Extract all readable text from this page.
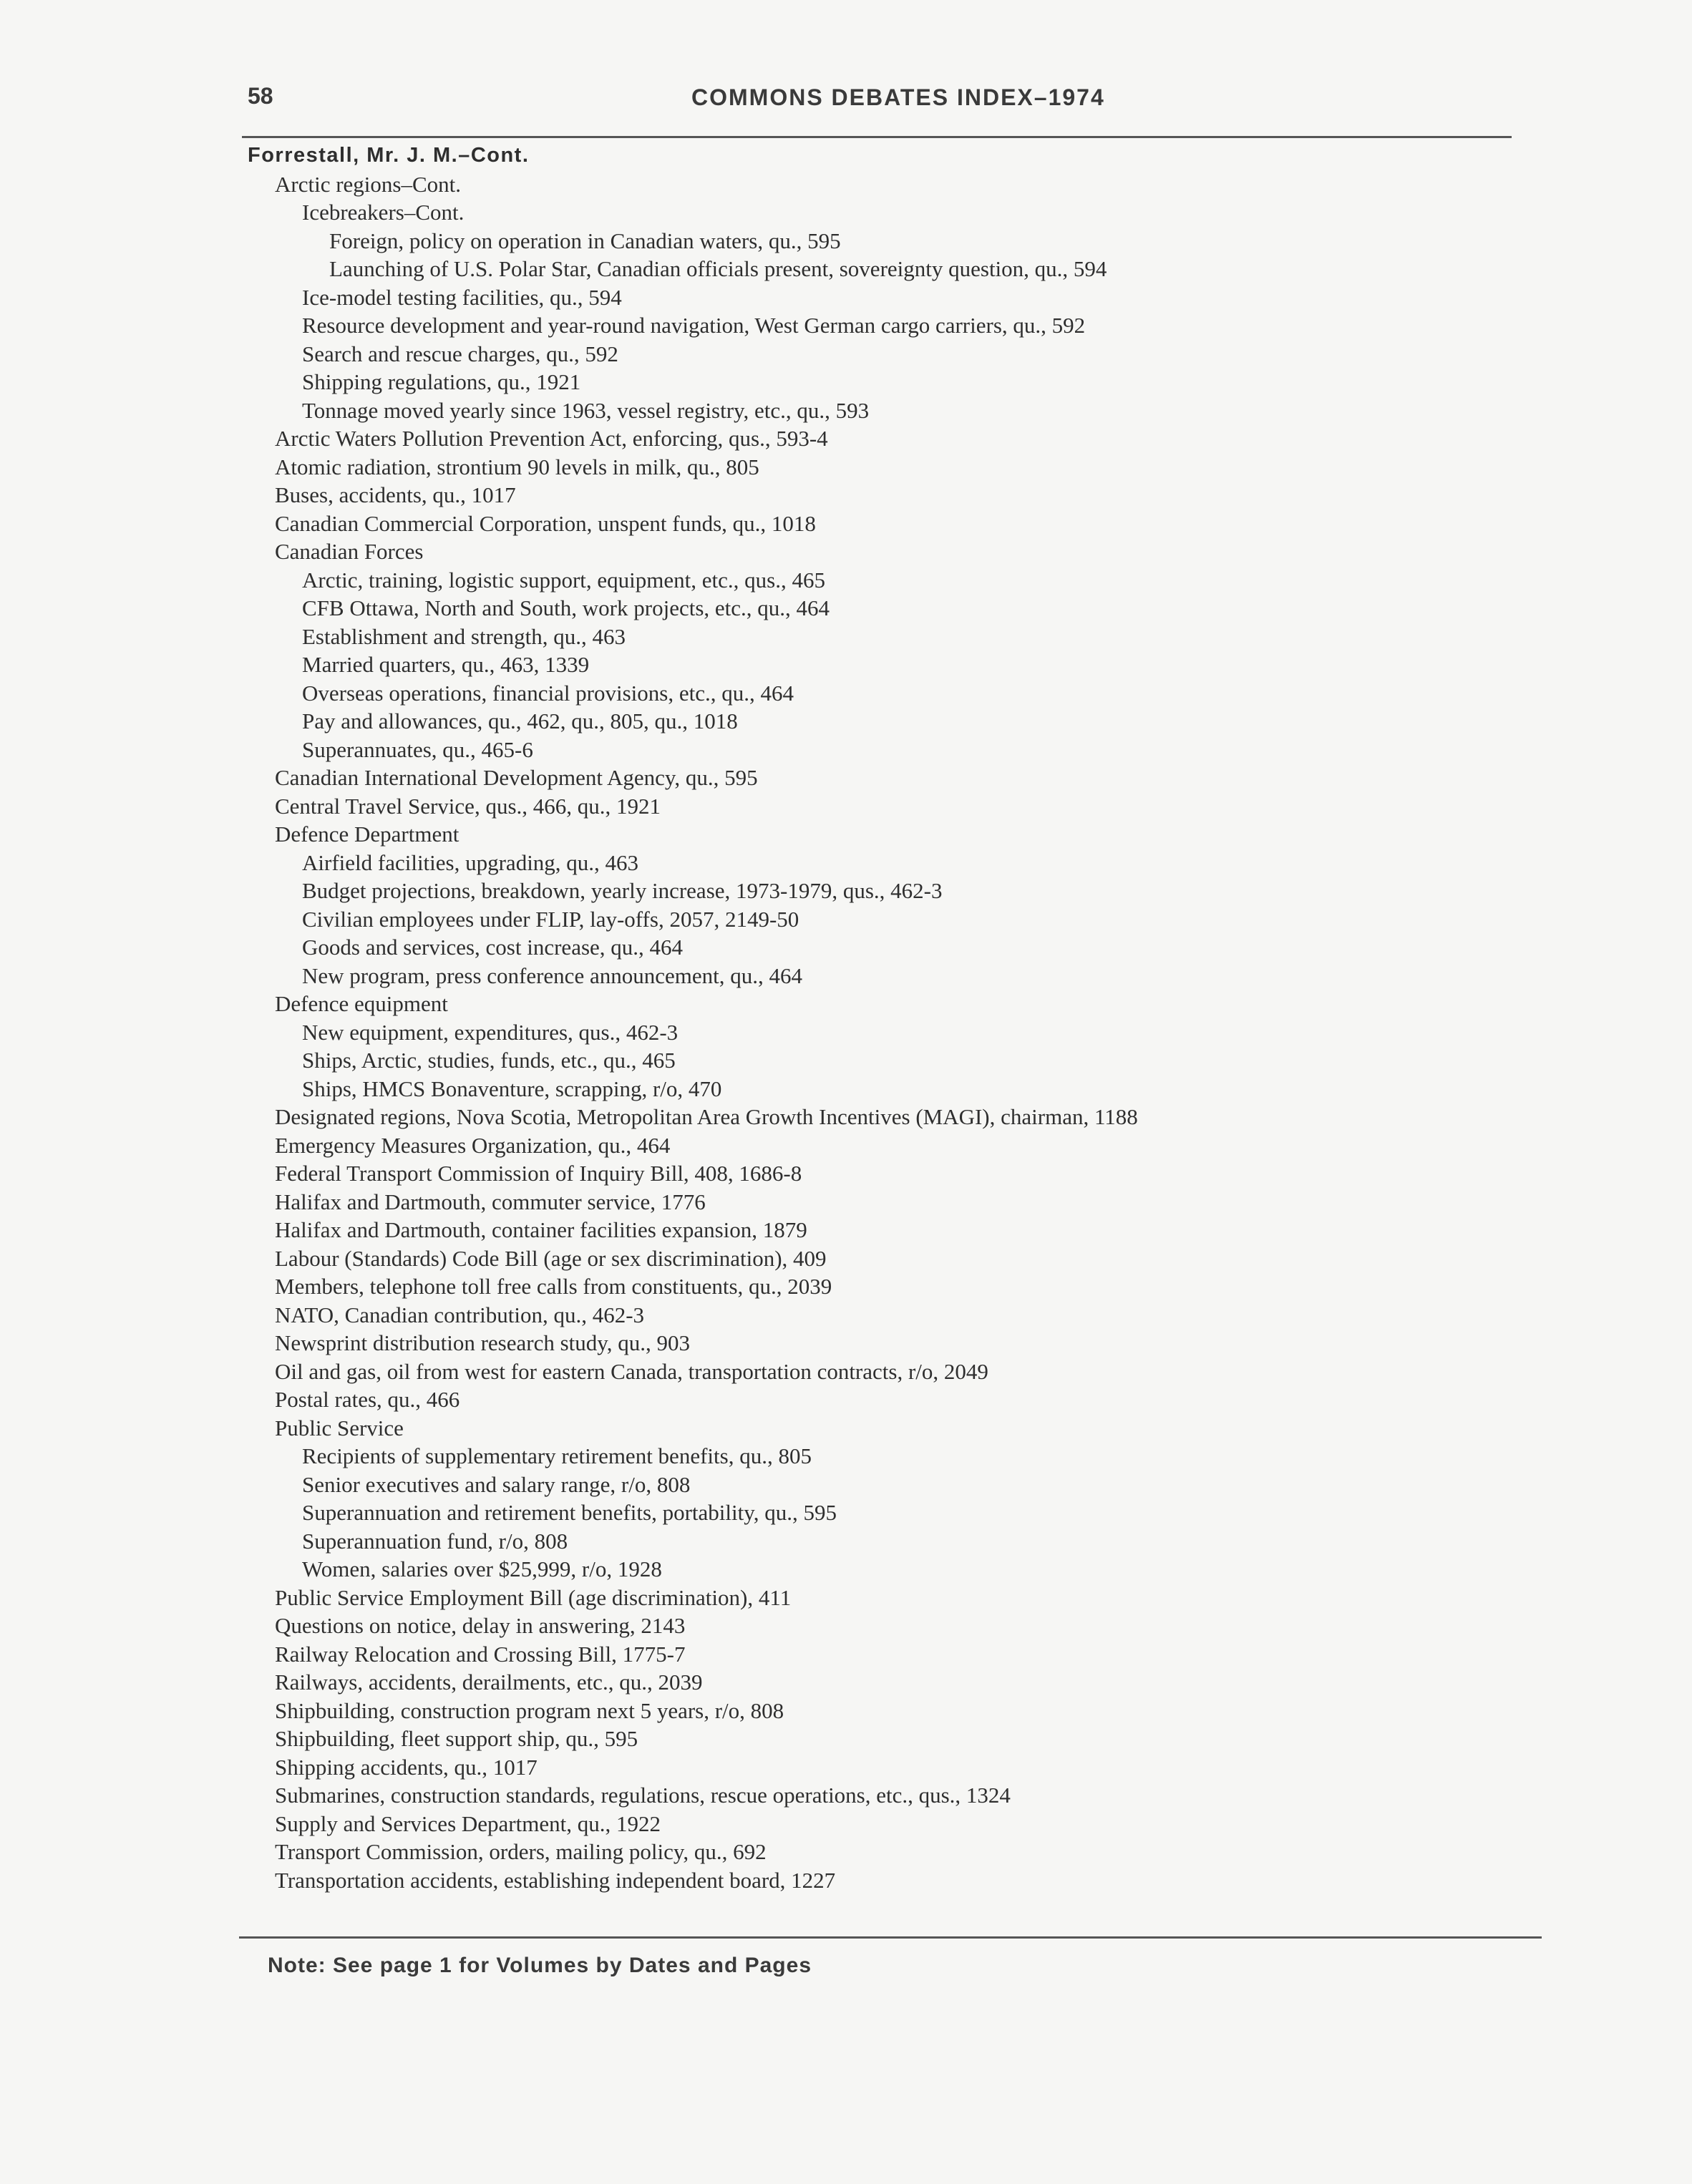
58	COMMONS DEBATES INDEX–1974
Forrestall, Mr. J. M.–Cont.
Arctic regions–Cont.
Icebreakers–Cont.
Foreign, policy on operation in Canadian waters, qu., 595
Launching of U.S. Polar Star, Canadian officials present, sovereignty question, qu., 594
Ice-model testing facilities, qu., 594
Resource development and year-round navigation, West German cargo carriers, qu., 592
Search and rescue charges, qu., 592
Shipping regulations, qu., 1921
Tonnage moved yearly since 1963, vessel registry, etc., qu., 593
Arctic Waters Pollution Prevention Act, enforcing, qus., 593-4
Atomic radiation, strontium 90 levels in milk, qu., 805
Buses, accidents, qu., 1017
Canadian Commercial Corporation, unspent funds, qu., 1018
Canadian Forces
Arctic, training, logistic support, equipment, etc., qus., 465
CFB Ottawa, North and South, work projects, etc., qu., 464
Establishment and strength, qu., 463
Married quarters, qu., 463, 1339
Overseas operations, financial provisions, etc., qu., 464
Pay and allowances, qu., 462, qu., 805, qu., 1018
Superannuates, qu., 465-6
Canadian International Development Agency, qu., 595
Central Travel Service, qus., 466, qu., 1921
Defence Department
Airfield facilities, upgrading, qu., 463
Budget projections, breakdown, yearly increase, 1973-1979, qus., 462-3
Civilian employees under FLIP, lay-offs, 2057, 2149-50
Goods and services, cost increase, qu., 464
New program, press conference announcement, qu., 464
Defence equipment
New equipment, expenditures, qus., 462-3
Ships, Arctic, studies, funds, etc., qu., 465
Ships, HMCS Bonaventure, scrapping, r/o, 470
Designated regions, Nova Scotia, Metropolitan Area Growth Incentives (MAGI), chairman, 1188
Emergency Measures Organization, qu., 464
Federal Transport Commission of Inquiry Bill, 408, 1686-8
Halifax and Dartmouth, commuter service, 1776
Halifax and Dartmouth, container facilities expansion, 1879
Labour (Standards) Code Bill (age or sex discrimination), 409
Members, telephone toll free calls from constituents, qu., 2039
NATO, Canadian contribution, qu., 462-3
Newsprint distribution research study, qu., 903
Oil and gas, oil from west for eastern Canada, transportation contracts, r/o, 2049
Postal rates, qu., 466
Public Service
Recipients of supplementary retirement benefits, qu., 805
Senior executives and salary range, r/o, 808
Superannuation and retirement benefits, portability, qu., 595
Superannuation fund, r/o, 808
Women, salaries over $25,999, r/o, 1928
Public Service Employment Bill (age discrimination), 411
Questions on notice, delay in answering, 2143
Railway Relocation and Crossing Bill, 1775-7
Railways, accidents, derailments, etc., qu., 2039
Shipbuilding, construction program next 5 years, r/o, 808
Shipbuilding, fleet support ship, qu., 595
Shipping accidents, qu., 1017
Submarines, construction standards, regulations, rescue operations, etc., qus., 1324
Supply and Services Department, qu., 1922
Transport Commission, orders, mailing policy, qu., 692
Transportation accidents, establishing independent board, 1227
Note: See page 1 for Volumes by Dates and Pages
